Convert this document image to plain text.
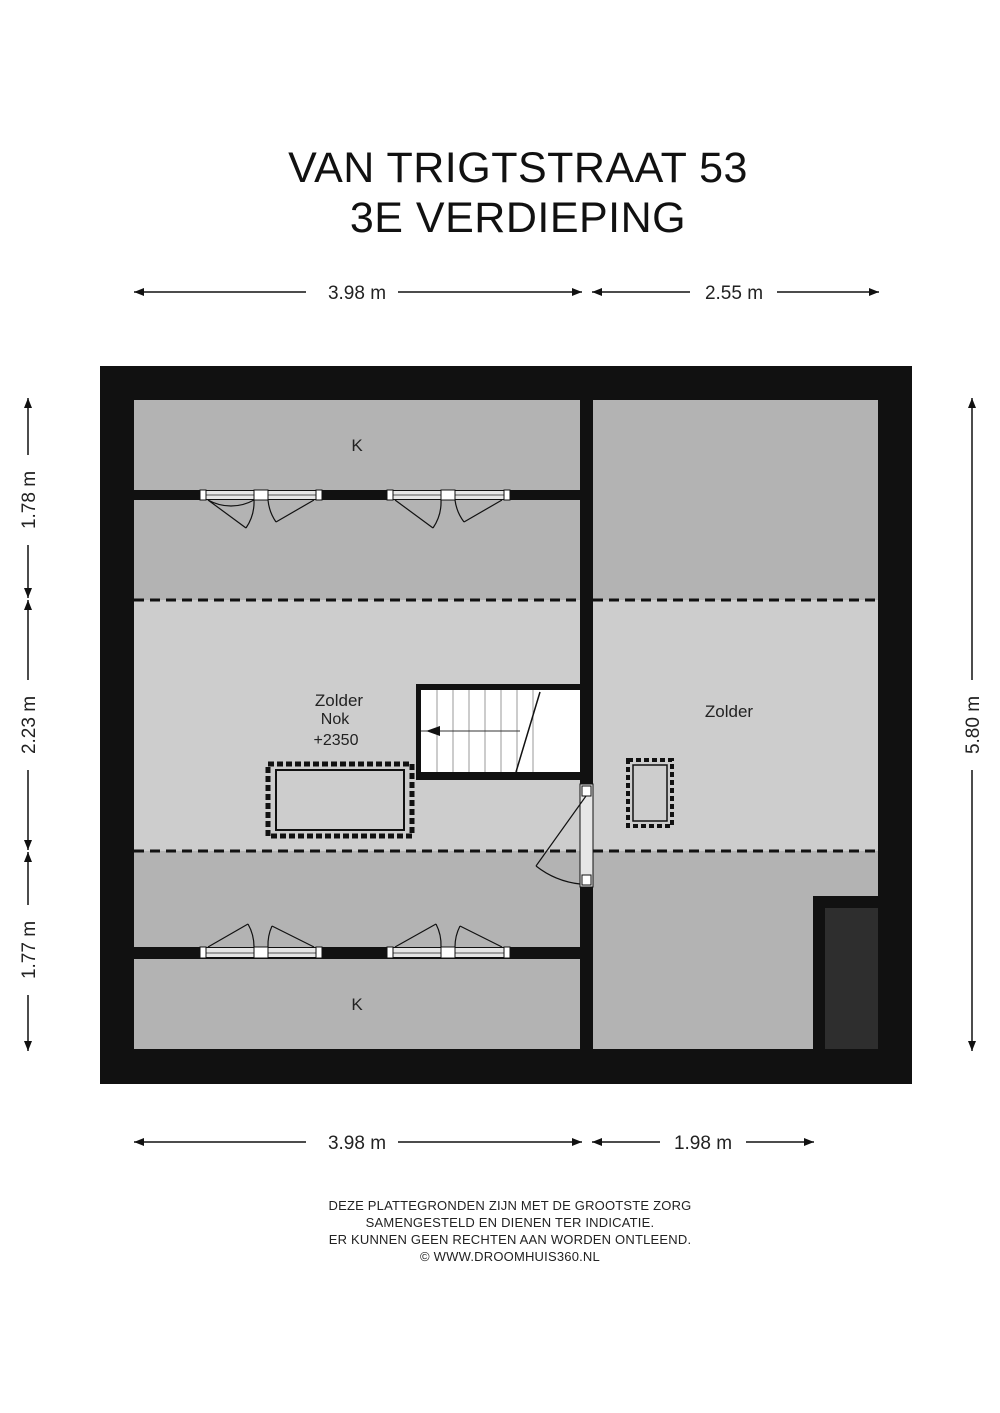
VAN TRIGTSTRAAT 53
3E VERDIEPING
3.98 m	2.55 m
3.98 m	1.98 m
1.78 m
2.23 m
1.77 m
5.80 m
K
K
Zolder
Nok
+2350
Zolder
DEZE PLATTEGRONDEN ZIJN MET DE GROOTSTE ZORG
SAMENGESTELD EN DIENEN TER INDICATIE.
ER KUNNEN GEEN RECHTEN AAN WORDEN ONTLEEND.
© WWW.DROOMHUIS360.NL
